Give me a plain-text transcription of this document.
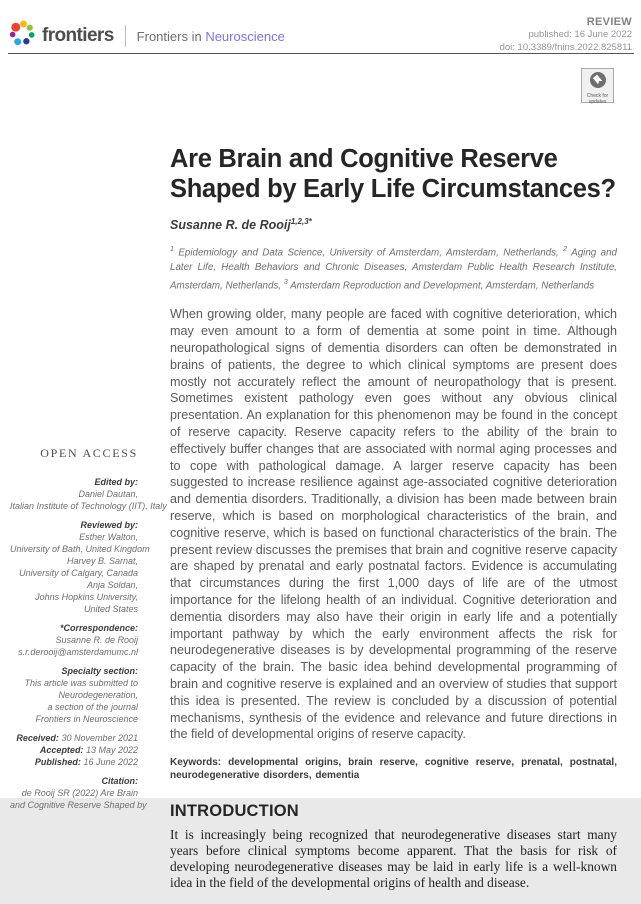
frontiers Frontiers in Neuroscience
REVIEW
published: 16 June 2022
doi: 10.3389/fnins.2022.825811
Check for
updates
OPEN ACCESS
Edited by:
Daniel Dautan,
Italian Institute of Technology (IIT), Italy
Reviewed by:
Esther Walton,
University of Bath, United Kingdom
Harvey B. Sarnat,
University of Calgary, Canada
Anja Soldan,
Johns Hopkins University,
United States
*Correspondence:
Susanne R. de Rooij
s.r.derooij@amsterdamumc.nl
Specialty section:
This article was submitted to
Neurodegeneration,
a section of the journal
Frontiers in Neuroscience
Received: 30 November 2021
Accepted: 13 May 2022
Published: 16 June 2022
Citation:
de Rooij SR (2022) Are Brain
and Cognitive Reserve Shaped by
Are Brain and Cognitive Reserve Shaped by Early Life Circumstances?
Susanne R. de Rooij$^{1,2,3*}$

$^1$ Epidemiology and Data Science, University of Amsterdam, Amsterdam, Netherlands, $^2$ Aging and Later Life, Health Behaviors and Chronic Diseases, Amsterdam Public Health Research Institute, Amsterdam, Netherlands, $^3$ Amsterdam Reproduction and Development, Amsterdam, Netherlands

When growing older, many people are faced with cognitive deterioration, which may even amount to a form of dementia at some point in time. Although neuropathological signs of dementia disorders can often be demonstrated in brains of patients, the degree to which clinical symptoms are present does mostly not accurately reflect the amount of neuropathology that is present. Sometimes existent pathology even goes without any obvious clinical presentation. An explanation for this phenomenon may be found in the concept of reserve capacity. Reserve capacity refers to the ability of the brain to effectively buffer changes that are associated with normal aging processes and to cope with pathological damage. A larger reserve capacity has been suggested to increase resilience against age-associated cognitive deterioration and dementia disorders. Traditionally, a division has been made between brain reserve, which is based on morphological characteristics of the brain, and cognitive reserve, which is based on functional characteristics of the brain. The present review discusses the premises that brain and cognitive reserve capacity are shaped by prenatal and early postnatal factors. Evidence is accumulating that circumstances during the first 1,000 days of life are of the utmost importance for the lifelong health of an individual. Cognitive deterioration and dementia disorders may also have their origin in early life and a potentially important pathway by which the early environment affects the risk for neurodegenerative diseases is by developmental programming of the reserve capacity of the brain. The basic idea behind developmental programming of brain and cognitive reserve is explained and an overview of studies that support this idea is presented. The review is concluded by a discussion of potential mechanisms, synthesis of the evidence and relevance and future directions in the field of developmental origins of reserve capacity.

Keywords: developmental origins, brain reserve, cognitive reserve, prenatal, postnatal, neurodegenerative disorders, dementia

INTRODUCTION

It is increasingly being recognized that neurodegenerative diseases start many years before clinical symptoms become apparent. That the basis for risk of developing neurodegenerative diseases may be laid in early life is a well-known idea in the field of the developmental origins of health and disease.
